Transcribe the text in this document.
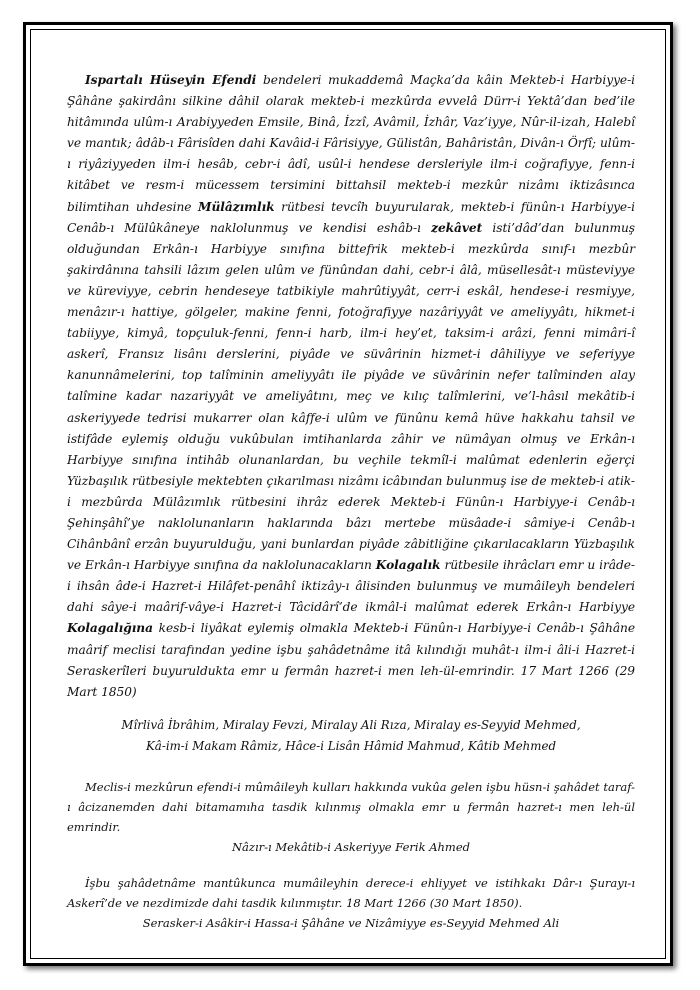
Ispartalı Hüseyin Efendi bendeleri mukaddemâ Maçka’da kâin Mekteb-i Harbiyye-i Şâhâne şakirdânı silkine dâhil olarak mekteb-i mezkûrda evvelâ Dürr-i Yektâ’dan bed’ile hitâmında ulûm-ı Arabiyyeden Emsile, Binâ, İzzî, Avâmil, İzhâr, Vaz’iyye, Nûr-il-izah, Halebî ve mantık; âdâb-ı Fârisîden dahi Kavâid-i Fârisiyye, Gülistân, Bahâristân, Divân-ı Örfî; ulûm-ı riyâziyyeden ilm-i hesâb, cebr-i âdî, usûl-i hendese dersleriyle ilm-i coğrafiyye, fenn-i kitâbet ve resm-i mücessem tersimini bittahsil mekteb-i mezkûr nizâmı iktizâsınca bilimtihan uhdesine Mülâzımlık rütbesi tevcîh buyurularak, mekteb-i fünûn-ı Harbiyye-i Cenâb-ı Mülûkâneye naklolunmuş ve kendisi eshâb-ı zekâvet isti’dâd’dan bulunmuş olduğundan Erkân-ı Harbiyye sınıfına bittefrik mekteb-i mezkûrda sınıf-ı mezbûr şakirdânına tahsili lâzım gelen ulûm ve fünûndan dahi, cebr-i âlâ, müsellesât-ı müsteviyye ve küreviyye, cebrin hendeseye tatbikiyle mahrûtiyyât, cerr-i eskâl, hendese-i resmiyye, menâzır-ı hattiye, gölgeler, makine fenni, fotoğrafiyye nazâriyyât ve ameliyyâtı, hikmet-i tabiiyye, kimyâ, topçuluk-fenni, fenn-i harb, ilm-i hey’et, taksim-i arâzi, fenni mimâri-î askerî, Fransız lisânı derslerini, piyâde ve süvârinin hizmet-i dâhiliyye ve seferiyye kanunnâmelerini, top talîminin ameliyyâtı ile piyâde ve süvârinin nefer talîminden alay talîmine kadar nazariyyât ve ameliyâtını, meç ve kılıç talîmlerini, ve’l-hâsıl mekâtib-i askeriyyede tedrisi mukarrer olan kâffe-i ulûm ve fünûnu kemâ hüve hakkahu tahsil ve istifâde eylemiş olduğu vukûbulan imtihanlarda zâhir ve nümâyan olmuş ve Erkân-ı Harbiyye sınıfına intihâb olunanlardan, bu veçhile tekmîl-i malûmat edenlerin eğerçi Yüzbaşılık rütbesiyle mektebten çıkarılması nizâmı icâbından bulunmuş ise de mekteb-i atik-i mezbûrda Mülâzımlık rütbesini ihrâz ederek Mekteb-i Fünûn-ı Harbiyye-i Cenâb-ı Şehinşâhî’ye naklolunanların haklarında bâzı mertebe müsâade-i sâmiye-i Cenâb-ı Cihânbânî erzân buyurulduğu, yani bunlardan piyâde zâbitliğine çıkarılacakların Yüzbaşılık ve Erkân-ı Harbiyye sınıfına da naklolunacakların Kolagalık rütbesile ihrâcları emr u irâde-i ihsân âde-i Hazret-i Hilâfet-penâhî iktizây-ı âlisinden bulunmuş ve mumâileyh bendeleri dahi sâye-i maârif-vâye-i Hazret-i Tâcidârî’de ikmâl-i malûmat ederek Erkân-ı Harbiyye Kolagalığına kesb-i liyâkat eylemiş olmakla Mekteb-i Fünûn-ı Harbiyye-i Cenâb-ı Şâhâne maârif meclisi tarafından yedine işbu şahâdetnâme itâ kılındığı muhât-ı ilm-i âli-i Hazret-i Seraskerîleri buyurulduktа emr u fermân hazret-i men leh-ül-emrindir. 17 Mart 1266 (29 Mart 1850)

Mîrlivâ İbrâhim, Miralay Fevzi, Miralay Ali Rıza, Miralay es-Seyyid Mehmed,
Kâ-im-i Makam Râmiz, Hâce-i Lisân Hâmid Mahmud, Kâtib Mehmed

Meclis-i mezkûrun efendi-i mûmâileyh kulları hakkında vukûa gelen işbu hüsn-i şahâdet taraf-ı âcizanemden dahi bitamamıha tasdik kılınmış olmakla emr u fermân hazret-ı men leh-ül emrindir.

Nâzır-ı Mekâtib-i Askeriyye Ferik Ahmed

İşbu şahâdetnâme mantûkunca mumâileyhin derece-i ehliyyet ve istihkakı Dâr-ı Şurayı-ı Askerî’de ve nezdimizde dahi tasdik kılınmıştır. 18 Mart 1266 (30 Mart 1850).

Serasker-i Asâkir-i Hassa-i Şâhâne ve Nizâmiyye es-Seyyid Mehmed Ali
